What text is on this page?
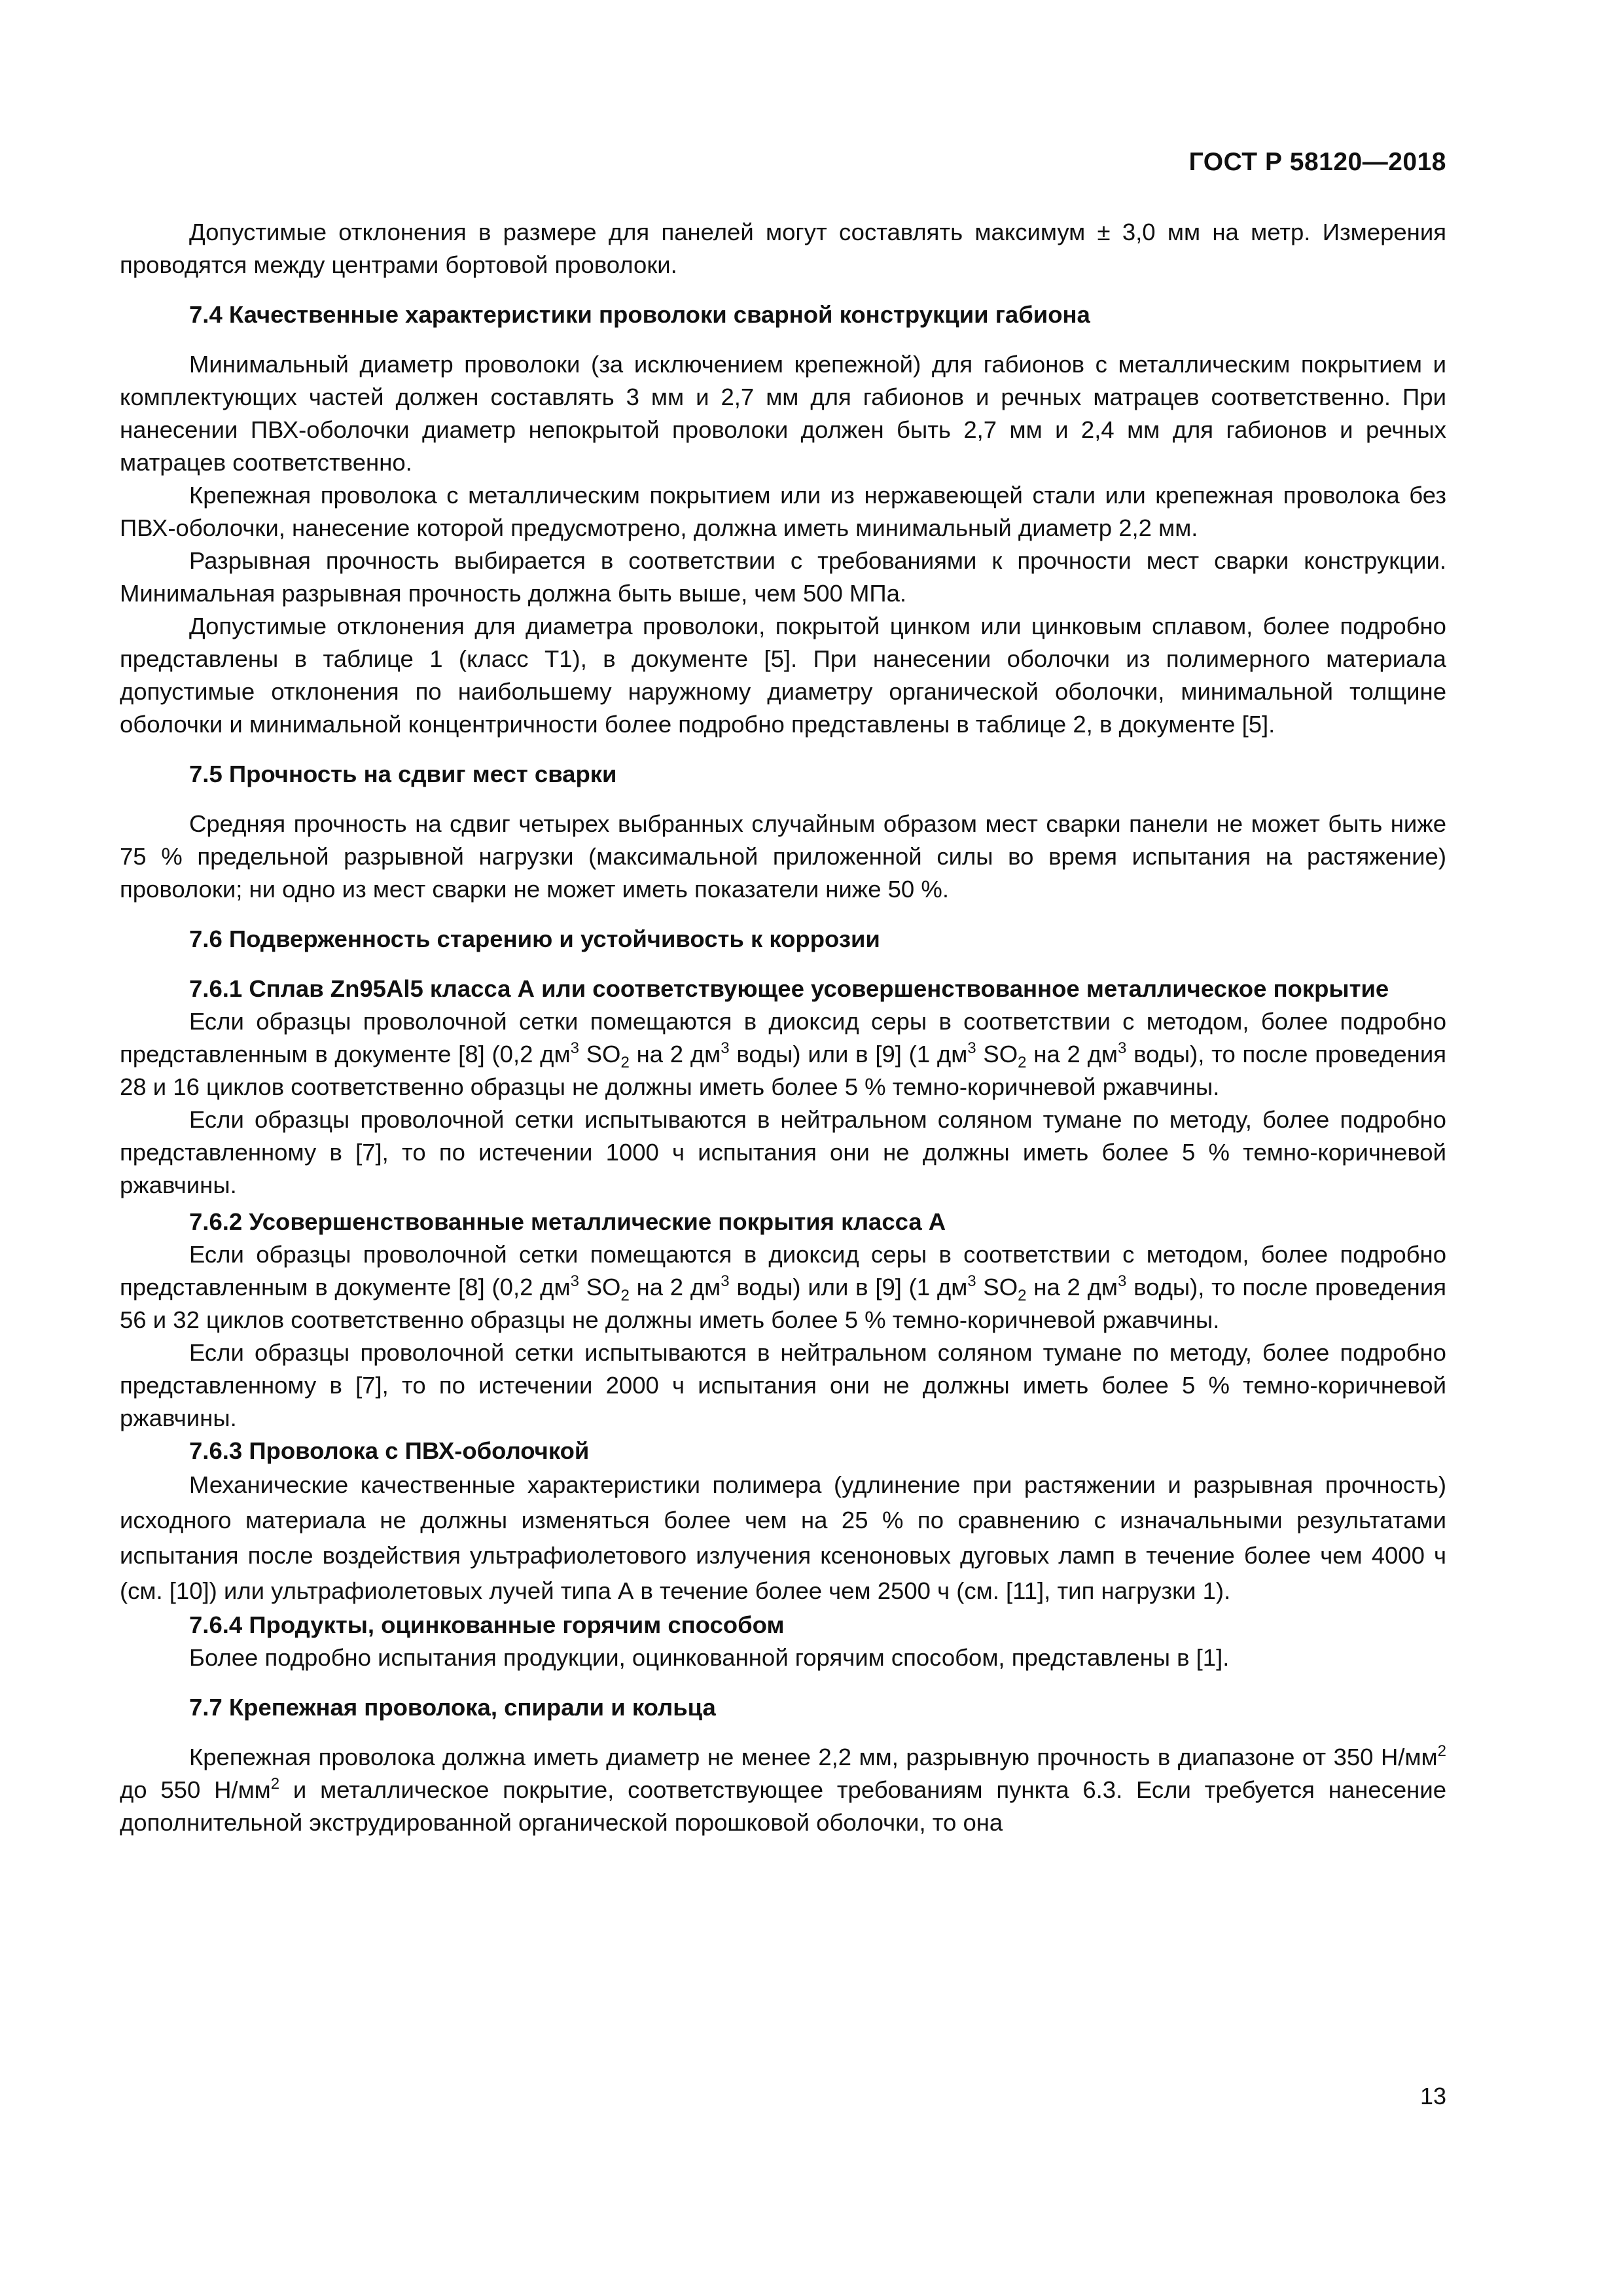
ГОСТ Р 58120—2018

Допустимые отклонения в размере для панелей могут составлять максимум ± 3,0 мм на метр. Измерения проводятся между центрами бортовой проволоки.

7.4 Качественные характеристики проволоки сварной конструкции габиона

Минимальный диаметр проволоки (за исключением крепежной) для габионов с металлическим покрытием и комплектующих частей должен составлять 3 мм и 2,7 мм для габионов и речных матрацев соответственно. При нанесении ПВХ-оболочки диаметр непокрытой проволоки должен быть 2,7 мм и 2,4 мм для габионов и речных матрацев соответственно.

Крепежная проволока с металлическим покрытием или из нержавеющей стали или крепежная проволока без ПВХ-оболочки, нанесение которой предусмотрено, должна иметь минимальный диаметр 2,2 мм.

Разрывная прочность выбирается в соответствии с требованиями к прочности мест сварки конструкции. Минимальная разрывная прочность должна быть выше, чем 500 МПа.

Допустимые отклонения для диаметра проволоки, покрытой цинком или цинковым сплавом, более подробно представлены в таблице 1 (класс Т1), в документе [5]. При нанесении оболочки из полимерного материала допустимые отклонения по наибольшему наружному диаметру органической оболочки, минимальной толщине оболочки и минимальной концентричности более подробно представлены в таблице 2, в документе [5].

7.5 Прочность на сдвиг мест сварки

Средняя прочность на сдвиг четырех выбранных случайным образом мест сварки панели не может быть ниже 75 % предельной разрывной нагрузки (максимальной приложенной силы во время испытания на растяжение) проволоки; ни одно из мест сварки не может иметь показатели ниже 50 %.

7.6 Подверженность старению и устойчивость к коррозии
7.6.1 Сплав Zn95Al5 класса А или соответствующее усовершенствованное металлическое покрытие

Если образцы проволочной сетки помещаются в диоксид серы в соответствии с методом, более подробно представленным в документе [8] (0,2 $дм^3$ $SO_2$ на 2 $дм^3$ воды) или в [9] (1 $дм^3$ $SO_2$ на 2 $дм^3$ воды), то после проведения 28 и 16 циклов соответственно образцы не должны иметь более 5 % темно-коричневой ржавчины.

Если образцы проволочной сетки испытываются в нейтральном соляном тумане по методу, более подробно представленному в [7], то по истечении 1000 ч испытания они не должны иметь более 5 % темно-коричневой ржавчины.

7.6.2 Усовершенствованные металлические покрытия класса А

Если образцы проволочной сетки помещаются в диоксид серы в соответствии с методом, более подробно представленным в документе [8] (0,2 $дм^3$ $SO_2$ на 2 $дм^3$ воды) или в [9] (1 $дм^3$ $SO_2$ на 2 $дм^3$ воды), то после проведения 56 и 32 циклов соответственно образцы не должны иметь более 5 % темно-коричневой ржавчины.

Если образцы проволочной сетки испытываются в нейтральном соляном тумане по методу, более подробно представленному в [7], то по истечении 2000 ч испытания они не должны иметь более 5 % темно-коричневой ржавчины.

7.6.3 Проволока с ПВХ-оболочкой

Механические качественные характеристики полимера (удлинение при растяжении и разрывная прочность) исходного материала не должны изменяться более чем на 25 % по сравнению с изначальными результатами испытания после воздействия ультрафиолетового излучения ксеноновых дуговых ламп в течение более чем 4000 ч (см. [10]) или ультрафиолетовых лучей типа А в течение более чем 2500 ч (см. [11], тип нагрузки 1).

7.6.4 Продукты, оцинкованные горячим способом

Более подробно испытания продукции, оцинкованной горячим способом, представлены в [1].

7.7 Крепежная проволока, спирали и кольца

Крепежная проволока должна иметь диаметр не менее 2,2 мм, разрывную прочность в диапазоне от 350 $Н/мм^2$ до 550 $Н/мм^2$ и металлическое покрытие, соответствующее требованиям пункта 6.3. Если требуется нанесение дополнительной экструдированной органической порошковой оболочки, то она

13
